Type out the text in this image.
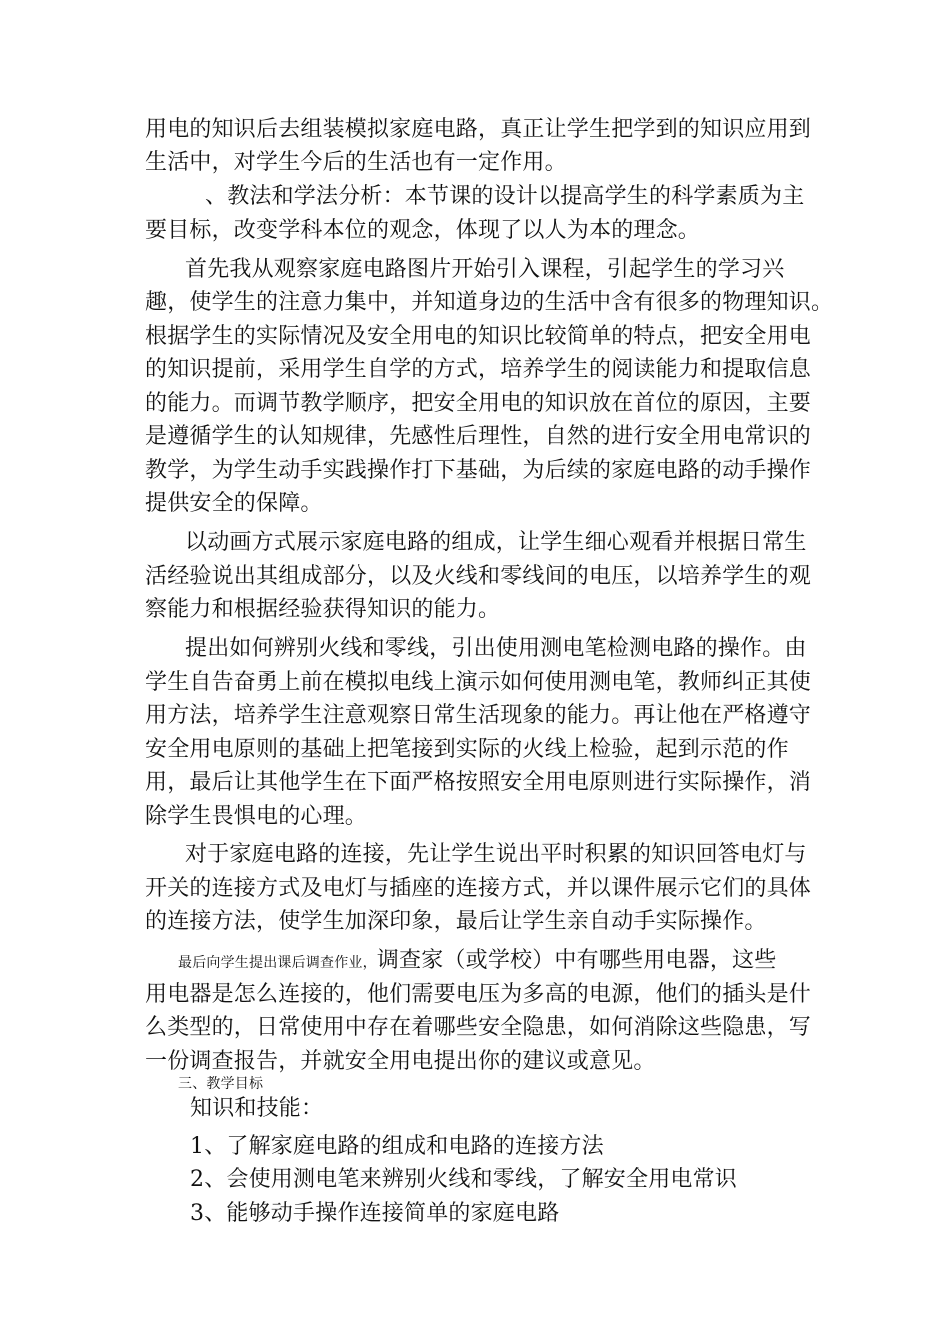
用电的知识后去组装模拟家庭电路，真正让学生把学到的知识应用到
生活中，对学生今后的生活也有一定作用。
、教法和学法分析：本节课的设计以提高学生的科学素质为主
要目标，改变学科本位的观念，体现了以人为本的理念。
首先我从观察家庭电路图片开始引入课程，引起学生的学习兴
趣，使学生的注意力集中，并知道身边的生活中含有很多的物理知识。
根据学生的实际情况及安全用电的知识比较简单的特点，把安全用电
的知识提前，采用学生自学的方式，培养学生的阅读能力和提取信息
的能力。而调节教学顺序，把安全用电的知识放在首位的原因，主要
是遵循学生的认知规律，先感性后理性，自然的进行安全用电常识的
教学，为学生动手实践操作打下基础，为后续的家庭电路的动手操作
提供安全的保障。
以动画方式展示家庭电路的组成，让学生细心观看并根据日常生
活经验说出其组成部分，以及火线和零线间的电压，以培养学生的观
察能力和根据经验获得知识的能力。
提出如何辨别火线和零线，引出使用测电笔检测电路的操作。由
学生自告奋勇上前在模拟电线上演示如何使用测电笔，教师纠正其使
用方法，培养学生注意观察日常生活现象的能力。再让他在严格遵守
安全用电原则的基础上把笔接到实际的火线上检验，起到示范的作
用，最后让其他学生在下面严格按照安全用电原则进行实际操作，消
除学生畏惧电的心理。
对于家庭电路的连接，先让学生说出平时积累的知识回答电灯与
开关的连接方式及电灯与插座的连接方式，并以课件展示它们的具体
的连接方法，使学生加深印象，最后让学生亲自动手实际操作。
最后向学生提出课后调查作业，调查家（或学校）中有哪些用电器，这些
用电器是怎么连接的，他们需要电压为多高的电源，他们的插头是什
么类型的，日常使用中存在着哪些安全隐患，如何消除这些隐患，写
一份调查报告，并就安全用电提出你的建议或意见。
三、教学目标
知识和技能：
1、了解家庭电路的组成和电路的连接方法
2、会使用测电笔来辨别火线和零线，了解安全用电常识
3、能够动手操作连接简单的家庭电路
